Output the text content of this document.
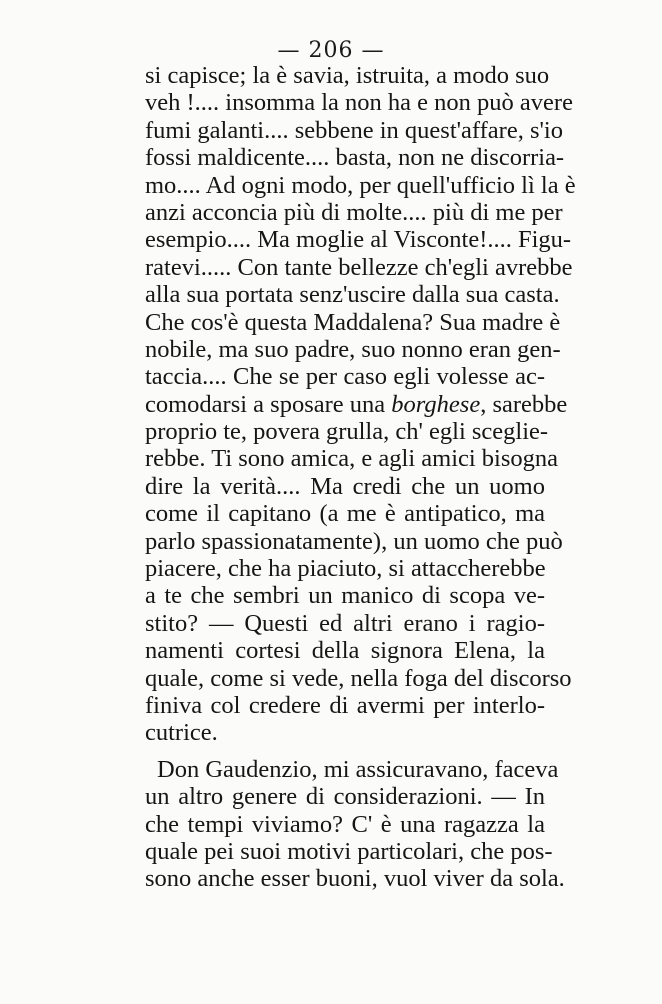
— 206 —
si capisce; la è savia, istruita, a modo suo
veh !.... insomma la non ha e non può avere
fumi galanti.... sebbene in quest'affare, s'io
fossi maldicente.... basta, non ne discorria-
mo.... Ad ogni modo, per quell'ufficio lì la è
anzi acconcia più di molte.... più di me per
esempio.... Ma moglie al Visconte!.... Figu-
ratevi..... Con tante bellezze ch'egli avrebbe
alla sua portata senz'uscire dalla sua casta.
Che cos'è questa Maddalena? Sua madre è
nobile, ma suo padre, suo nonno eran gen-
taccia.... Che se per caso egli volesse ac-
comodarsi a sposare una borghese, sarebbe
proprio te, povera grulla, ch' egli sceglie-
rebbe. Ti sono amica, e agli amici bisogna
dire la verità.... Ma credi che un uomo
come il capitano (a me è antipatico, ma
parlo spassionatamente), un uomo che può
piacere, che ha piaciuto, si attaccherebbe
a te che sembri un manico di scopa ve-
stito? — Questi ed altri erano i ragio-
namenti cortesi della signora Elena, la
quale, come si vede, nella foga del discorso
finiva col credere di avermi per interlo-
cutrice.
Don Gaudenzio, mi assicuravano, faceva
un altro genere di considerazioni. — In
che tempi viviamo? C' è una ragazza la
quale pei suoi motivi particolari, che pos-
sono anche esser buoni, vuol viver da sola.
